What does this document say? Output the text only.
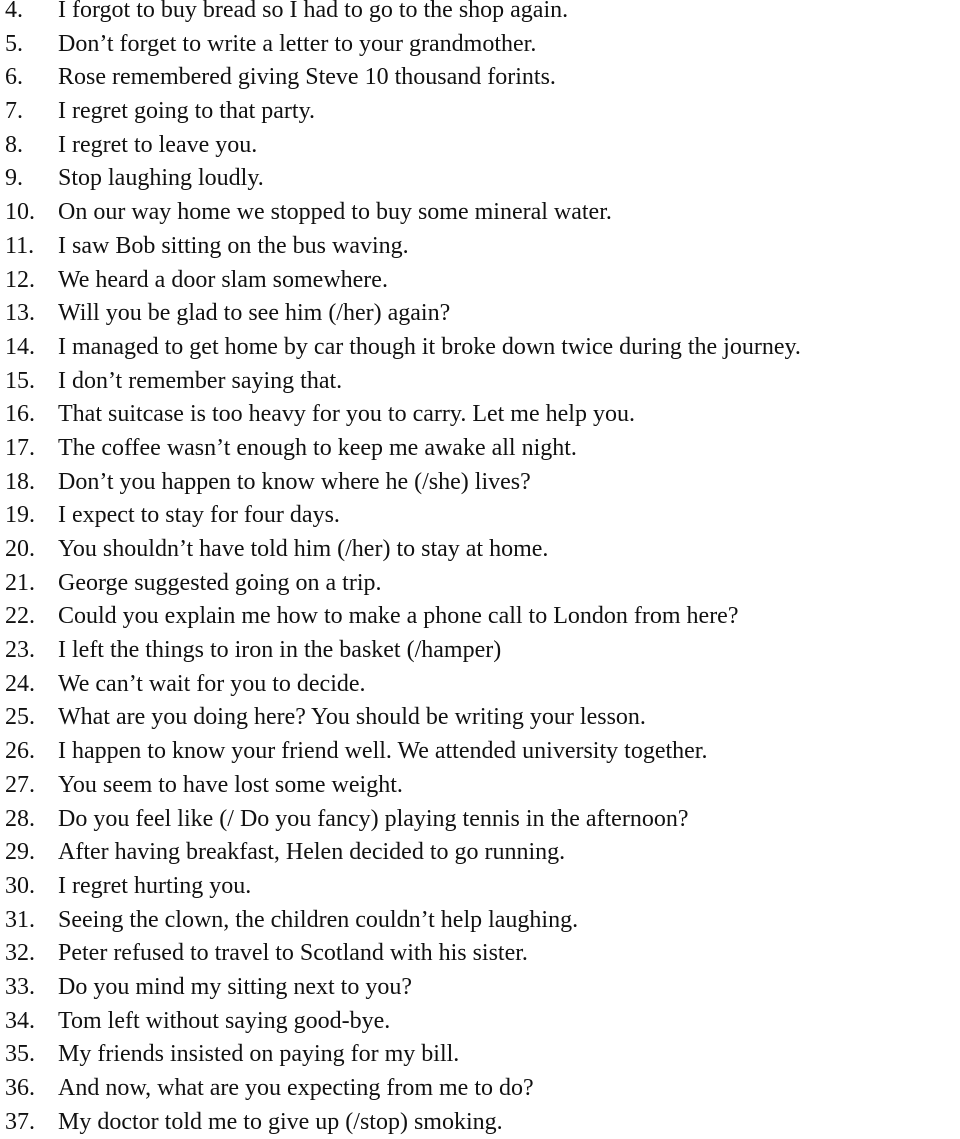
4.	I forgot to buy bread so I had to go to the shop again.
5.	Don’t forget to write a letter to your grandmother.
6.	Rose remembered giving Steve 10 thousand forints.
7.	I regret going to that party.
8.	I regret to leave you.
9.	Stop laughing loudly.
10. On our way home we stopped to buy some mineral water.
11. I saw Bob sitting on the bus waving.
12. We heard a door slam somewhere.
13. Will you be glad to see him (/her) again?
14. I managed to get home by car though it broke down twice during the journey.
15. I don’t remember saying that.
16. That suitcase is too heavy for you to carry. Let me help you.
17. The coffee wasn’t enough to keep me awake all night.
18. Don’t you happen to know where he (/she) lives?
19. I expect to stay for four days.
20. You shouldn’t have told him (/her) to stay at home.
21. George suggested going on a trip.
22. Could you explain me how to make a phone call to London from here?
23. I left the things to iron in the basket (/hamper)
24. We can’t wait for you to decide.
25. What are you doing here? You should be writing your lesson.
26. I happen to know your friend well. We attended university together.
27. You seem to have lost some weight.
28. Do you feel like (/ Do you fancy) playing tennis in the afternoon?
29. After having breakfast, Helen decided to go running.
30. I regret hurting you.
31. Seeing the clown, the children couldn’t help laughing.
32. Peter refused to travel to Scotland with his sister.
33. Do you mind my sitting next to you?
34. Tom left without saying good-bye.
35. My friends insisted on paying for my bill.
36. And now, what are you expecting from me to do?
37. My doctor told me to give up (/stop) smoking.
